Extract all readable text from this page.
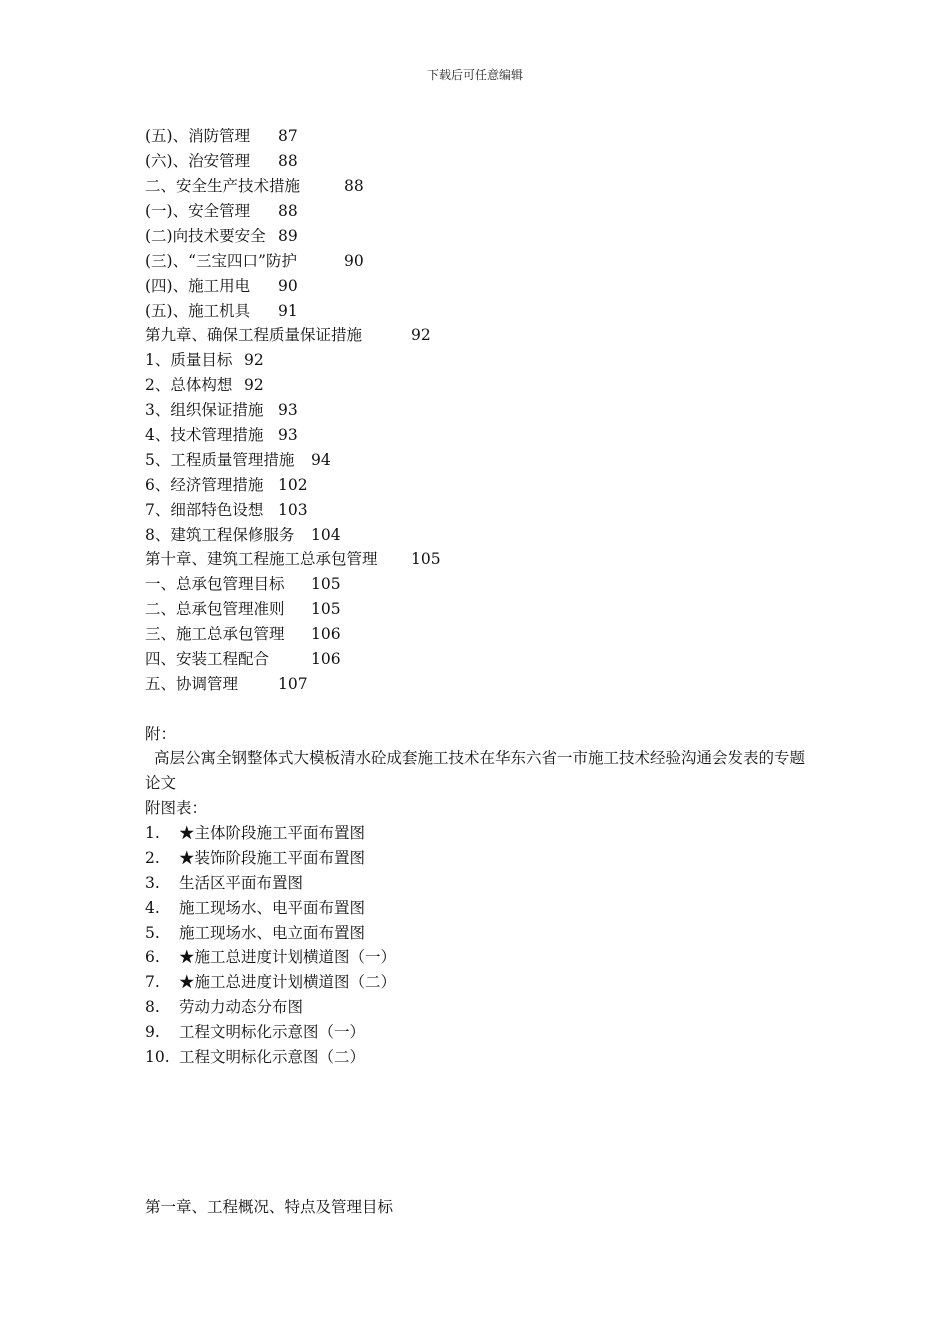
下载后可任意编辑
(五)、消防管理 87
(六)、治安管理 88
二、安全生产技术措施	88
(一)、安全管理 88
(二)向技术要安全 89
(三)、“三宝四口”防护	90
(四)、施工用电 90
(五)、施工机具 91
第九章、确保工程质量保证措施	92
1、质量目标 92
2、总体构想 92
3、组织保证措施 93
4、技术管理措施 93
5、工程质量管理措施 94
6、经济管理措施 102
7、细部特色设想 103
8、建筑工程保修服务 104
第十章、建筑工程施工总承包管理 105
一、总承包管理目标 105
二、总承包管理准则 105
三、施工总承包管理 106
四、安装工程配合	106
五、协调管理	107
附：
高层公寓全钢整体式大模板清水砼成套施工技术在华东六省一市施工技术经验沟通会发表的专题论文
附图表：
1. ★主体阶段施工平面布置图
2. ★装饰阶段施工平面布置图
3. 生活区平面布置图
4. 施工现场水、电平面布置图
5. 施工现场水、电立面布置图
6. ★施工总进度计划横道图（一）
7. ★施工总进度计划横道图（二）
8. 劳动力动态分布图
9. 工程文明标化示意图（一）
10. 工程文明标化示意图（二）
第一章、工程概况、特点及管理目标
